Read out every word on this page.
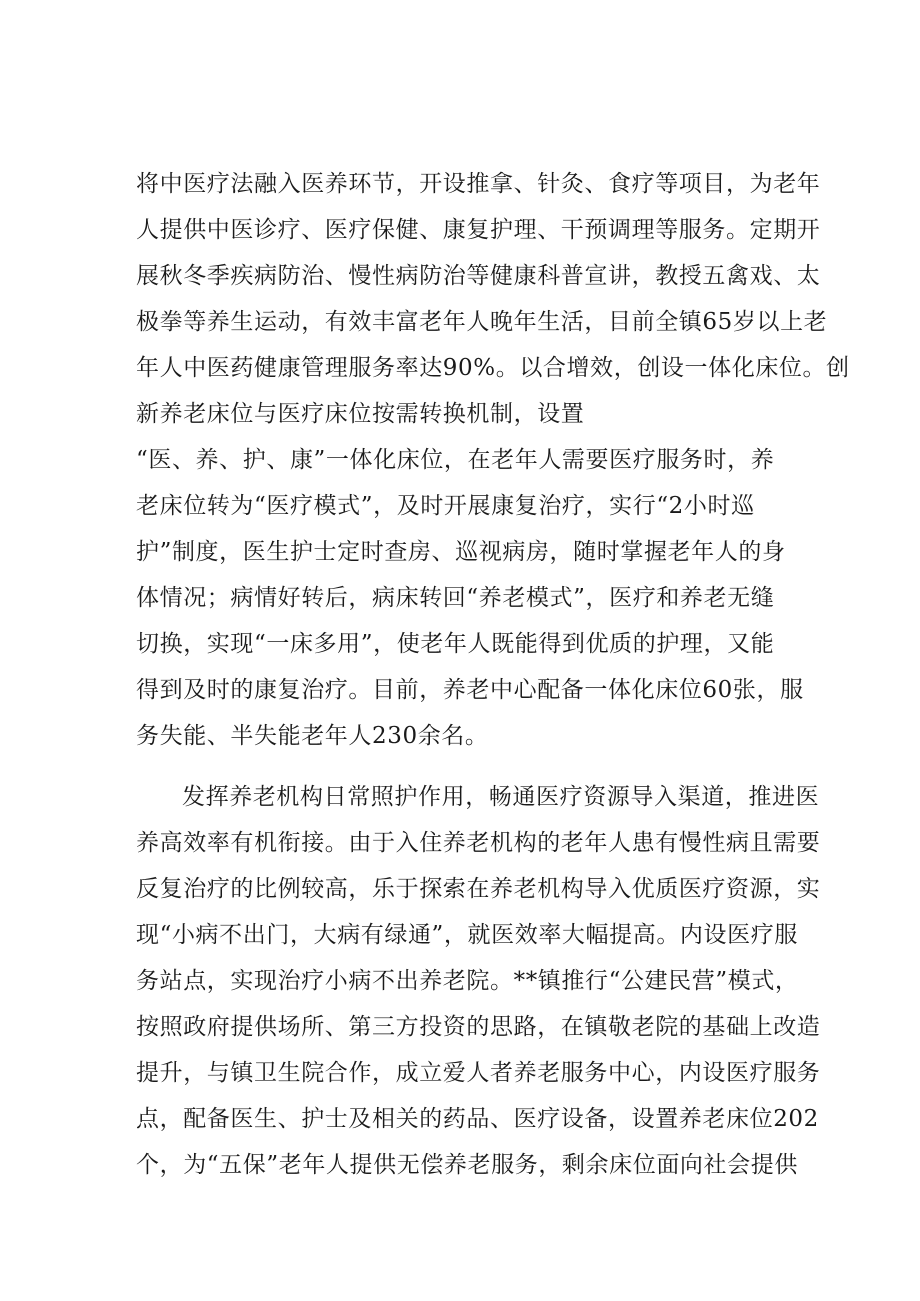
将中医疗法融入医养环节，开设推拿、针灸、食疗等项目，为老年
人提供中医诊疗、医疗保健、康复护理、干预调理等服务。定期开
展秋冬季疾病防治、慢性病防治等健康科普宣讲，教授五禽戏、太
极拳等养生运动，有效丰富老年人晚年生活，目前全镇65岁以上老
年人中医药健康管理服务率达90%。以合增效，创设一体化床位。创
新养老床位与医疗床位按需转换机制，设置
“医、养、护、康”一体化床位，在老年人需要医疗服务时，养
老床位转为“医疗模式”，及时开展康复治疗，实行“2小时巡
护”制度，医生护士定时查房、巡视病房，随时掌握老年人的身
体情况；病情好转后，病床转回“养老模式”，医疗和养老无缝
切换，实现“一床多用”，使老年人既能得到优质的护理，又能
得到及时的康复治疗。目前，养老中心配备一体化床位60张，服
务失能、半失能老年人230余名。
发挥养老机构日常照护作用，畅通医疗资源导入渠道，推进医
养高效率有机衔接。由于入住养老机构的老年人患有慢性病且需要
反复治疗的比例较高，乐于探索在养老机构导入优质医疗资源，实
现“小病不出门，大病有绿通”，就医效率大幅提高。内设医疗服
务站点，实现治疗小病不出养老院。**镇推行“公建民营”模式，
按照政府提供场所、第三方投资的思路，在镇敬老院的基础上改造
提升，与镇卫生院合作，成立爱人者养老服务中心，内设医疗服务
点，配备医生、护士及相关的药品、医疗设备，设置养老床位202
个，为“五保”老年人提供无偿养老服务，剩余床位面向社会提供
